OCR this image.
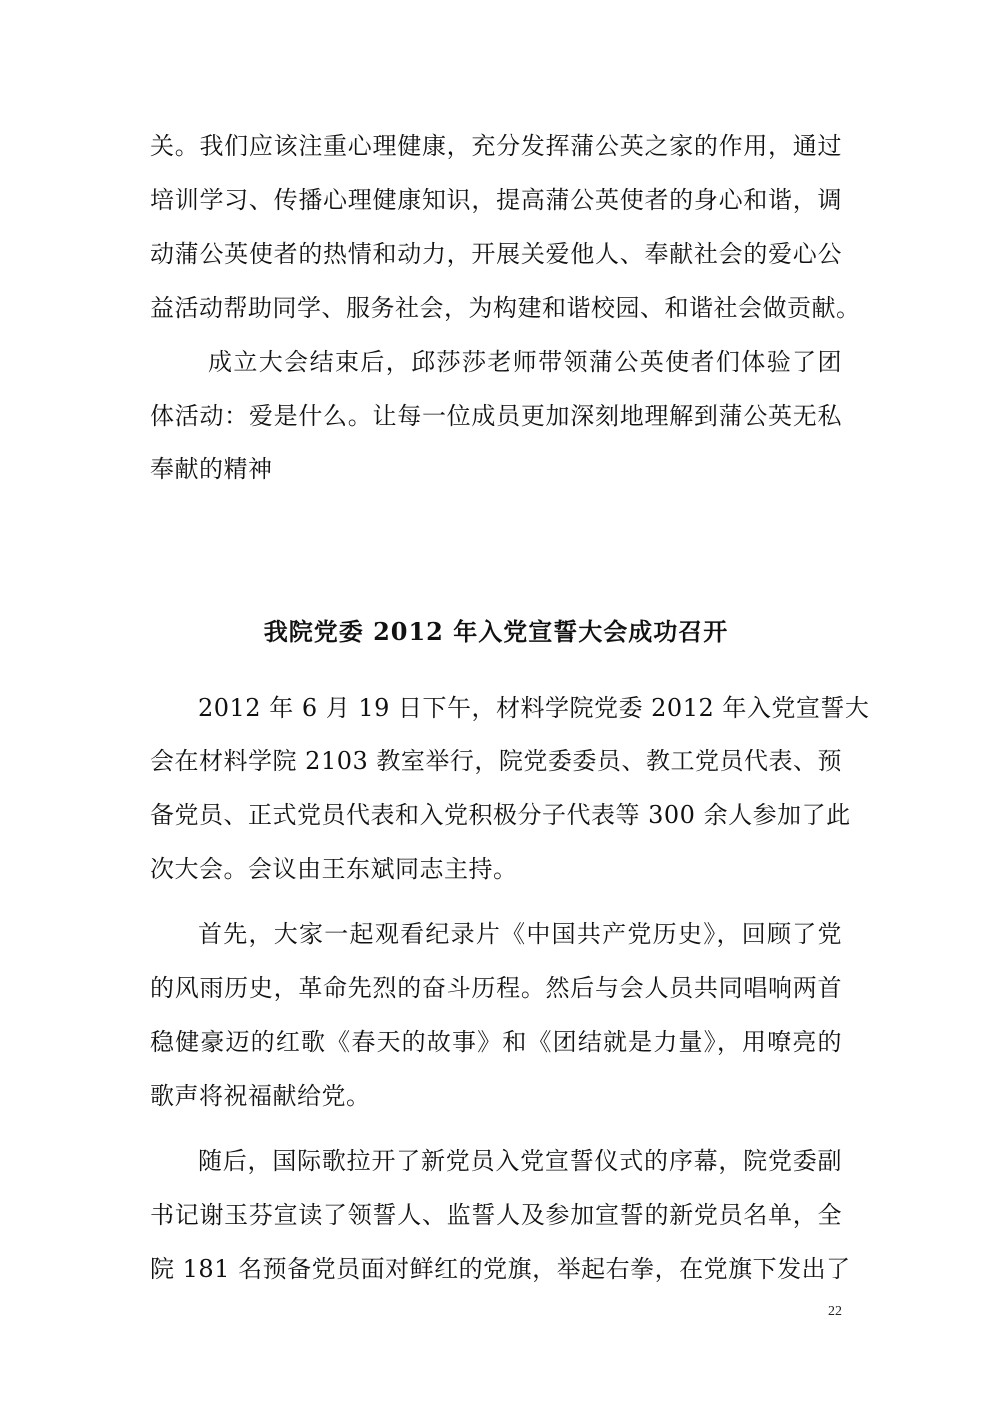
关。我们应该注重心理健康，充分发挥蒲公英之家的作用，通过
培训学习、传播心理健康知识，提高蒲公英使者的身心和谐，调
动蒲公英使者的热情和动力，开展关爱他人、奉献社会的爱心公
益活动帮助同学、服务社会，为构建和谐校园、和谐社会做贡献。
成立大会结束后，邱莎莎老师带领蒲公英使者们体验了团
体活动：爱是什么。让每一位成员更加深刻地理解到蒲公英无私
奉献的精神
我院党委 2012 年入党宣誓大会成功召开
2012 年 6 月 19 日下午，材料学院党委 2012 年入党宣誓大
会在材料学院 2103 教室举行，院党委委员、教工党员代表、预
备党员、正式党员代表和入党积极分子代表等 300 余人参加了此
次大会。会议由王东斌同志主持。
首先，大家一起观看纪录片《中国共产党历史》，回顾了党
的风雨历史，革命先烈的奋斗历程。然后与会人员共同唱响两首
稳健豪迈的红歌《春天的故事》和《团结就是力量》，用嘹亮的
歌声将祝福献给党。
随后，国际歌拉开了新党员入党宣誓仪式的序幕，院党委副
书记谢玉芬宣读了领誓人、监誓人及参加宣誓的新党员名单，全
院 181 名预备党员面对鲜红的党旗，举起右拳，在党旗下发出了
22
